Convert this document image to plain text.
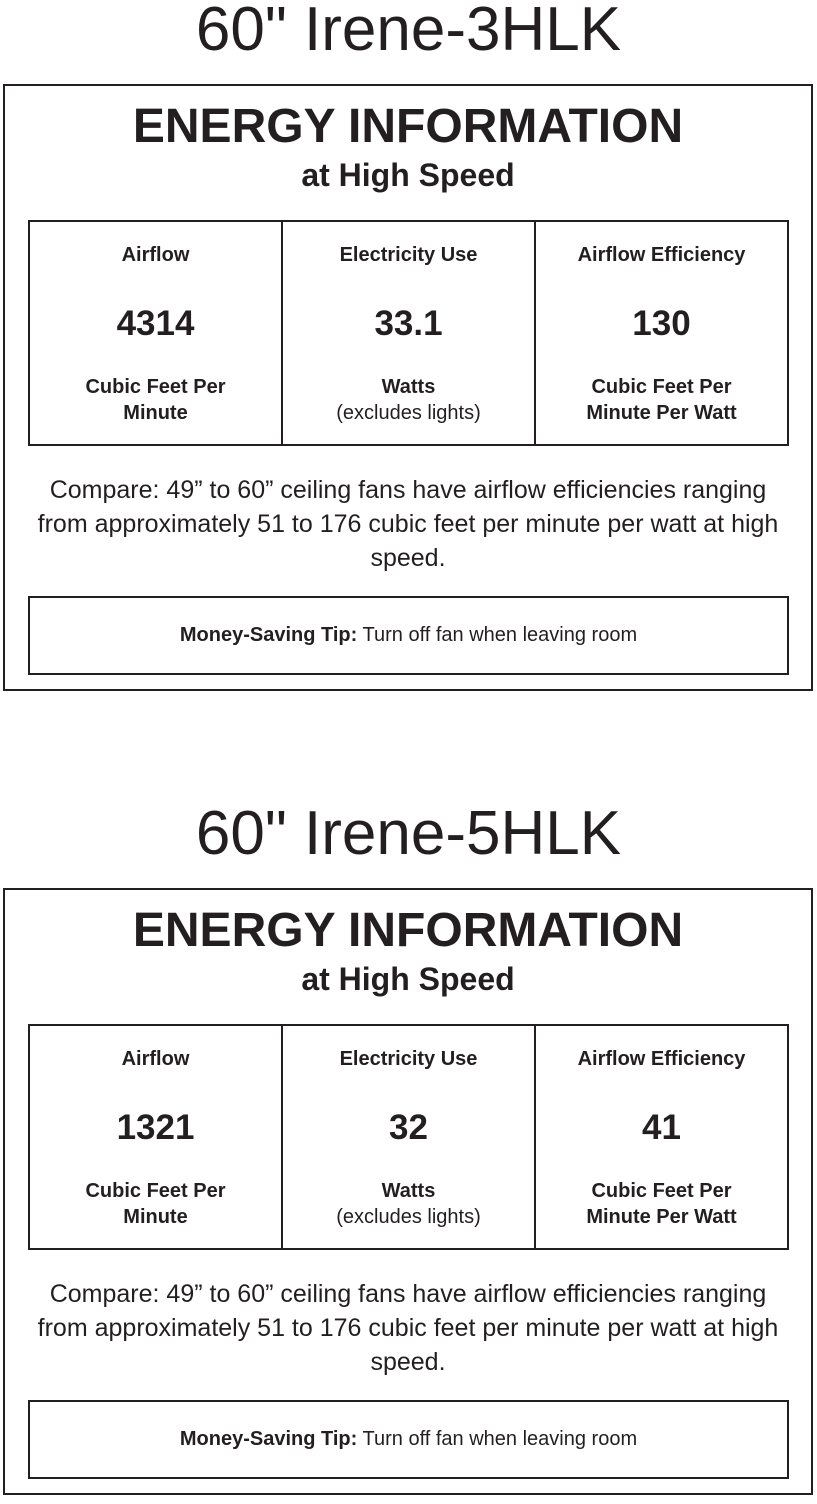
60" Irene-3HLK
ENERGY INFORMATION
at High Speed
Airflow
4314
Cubic Feet Per
Minute
Electricity Use
33.1
Watts
(excludes lights)
Airflow Efficiency
130
Cubic Feet Per
Minute Per Watt
Compare: 49” to 60” ceiling fans have airflow efficiencies ranging from approximately 51 to 176 cubic feet per minute per watt at high speed.
Money-Saving Tip: Turn off fan when leaving room
60" Irene-5HLK
ENERGY INFORMATION
at High Speed
Airflow
1321
Cubic Feet Per
Minute
Electricity Use
32
Watts
(excludes lights)
Airflow Efficiency
41
Cubic Feet Per
Minute Per Watt
Compare: 49” to 60” ceiling fans have airflow efficiencies ranging from approximately 51 to 176 cubic feet per minute per watt at high speed.
Money-Saving Tip: Turn off fan when leaving room
